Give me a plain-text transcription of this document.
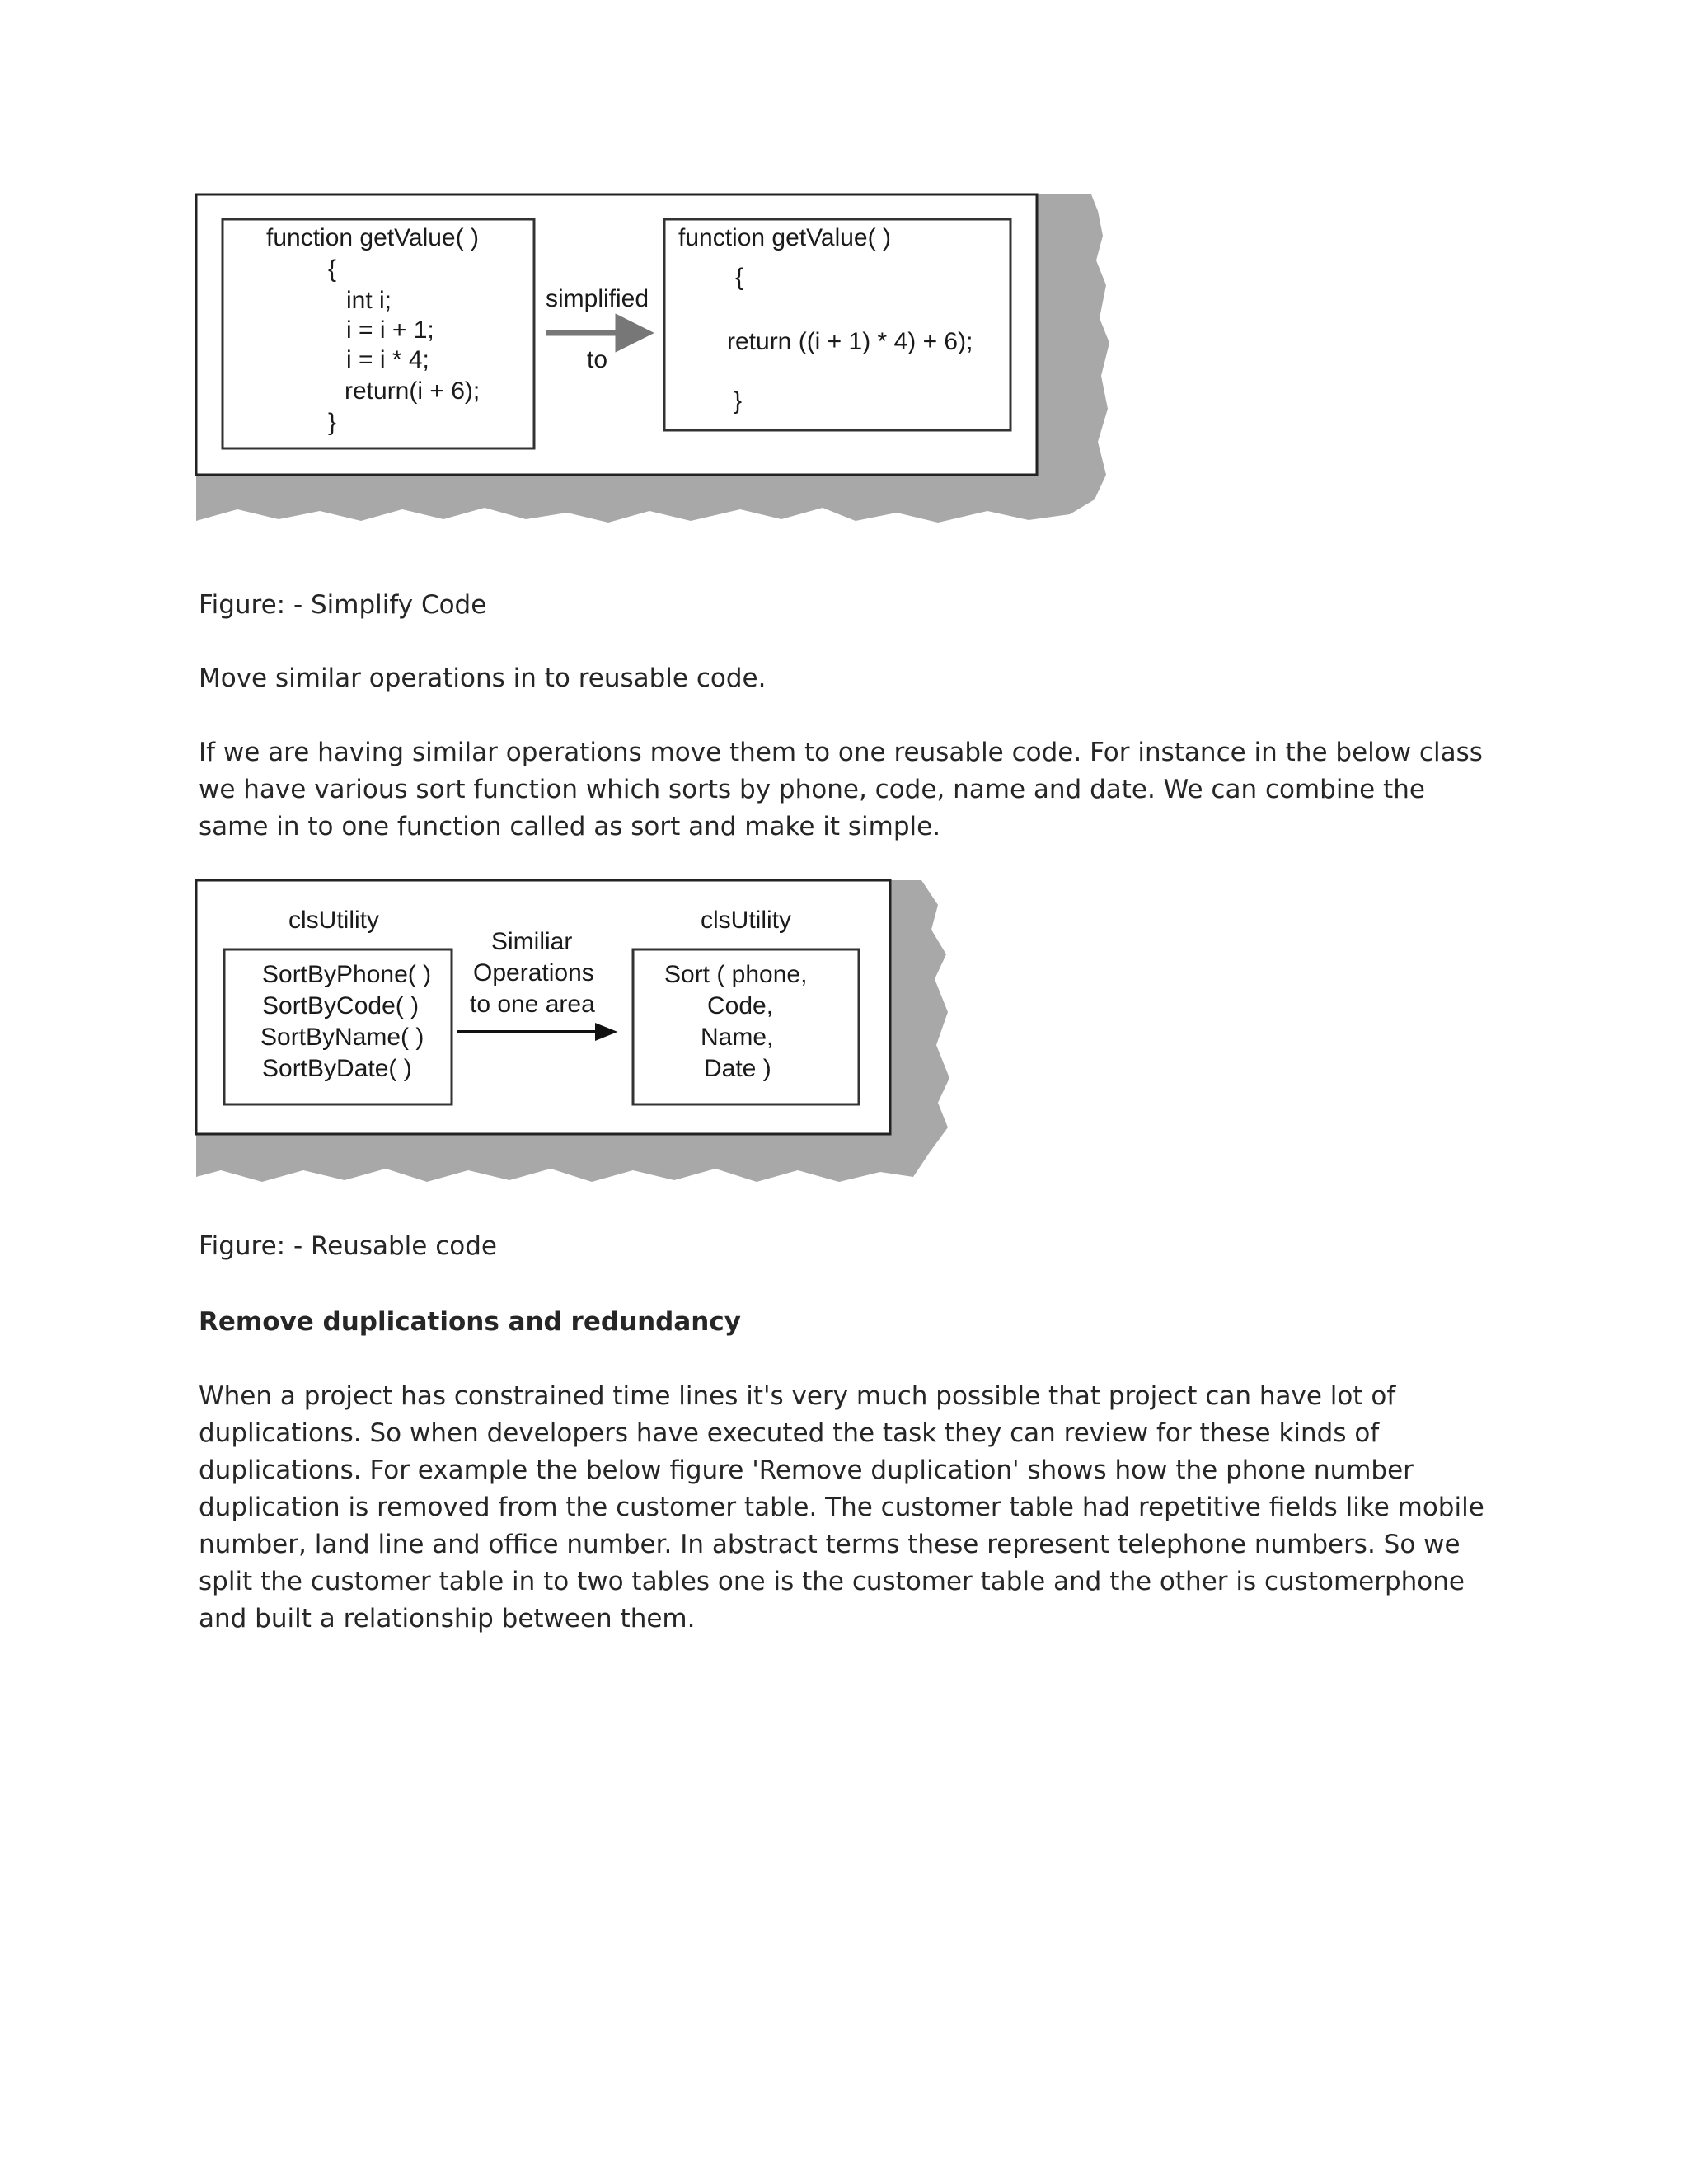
function getValue( )
{
int i;
i = i + 1;
i = i * 4;
return(i + 6);
}
simplified
to
function getValue( )
{
return ((i + 1) * 4) + 6);
}

Figure: - Simplify Code

Move similar operations in to reusable code.

If we are having similar operations move them to one reusable code. For instance in the below class we have various sort function which sorts by phone, code, name and date. We can combine the same in to one function called as sort and make it simple.

clsUtility
SortByPhone( )
SortByCode( )
SortByName( )
SortByDate( )
Similiar
Operations
to one area
clsUtility
Sort ( phone,
Code,
Name,
Date )

Figure: - Reusable code

Remove duplications and redundancy

When a project has constrained time lines it's very much possible that project can have lot of duplications. So when developers have executed the task they can review for these kinds of duplications. For example the below figure 'Remove duplication' shows how the phone number duplication is removed from the customer table. The customer table had repetitive fields like mobile number, land line and office number. In abstract terms these represent telephone numbers. So we split the customer table in to two tables one is the customer table and the other is customerphone and built a relationship between them.
